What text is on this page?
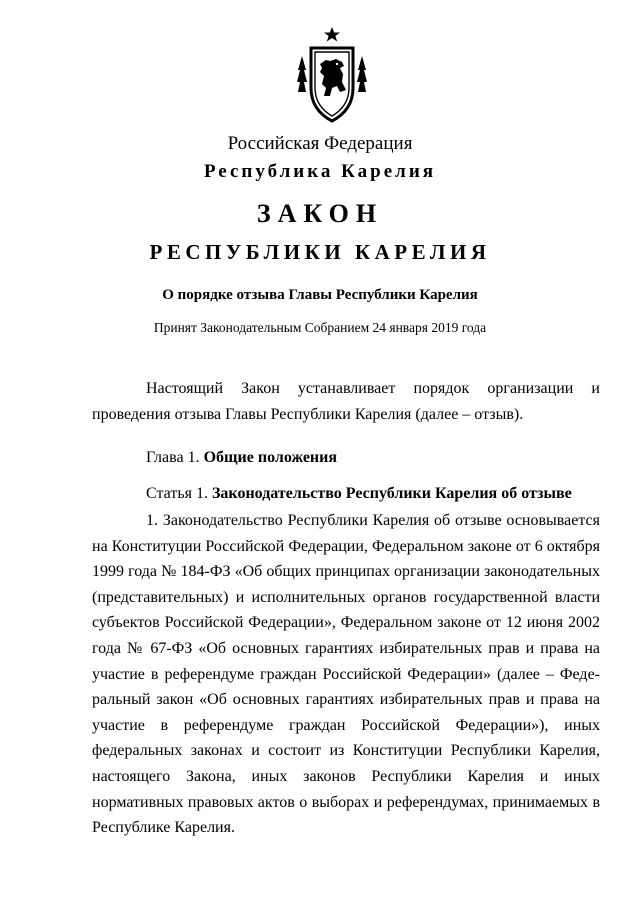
Российская Федерация
Республика Карелия
ЗАКОН
РЕСПУБЛИКИ КАРЕЛИЯ
О порядке отзыва Главы Республики Карелия
Принят Законодательным Собранием 24 января 2019 года
Настоящий Закон устанавливает порядок организации и проведения отзыва Главы Республики Карелия (далее – отзыв).
Глава 1. Общие положения
Статья 1. Законодательство Республики Карелия об отзыве
1. Законодательство Республики Карелия об отзыве основывается на Конституции Российской Федерации, Федеральном законе от 6 октября 1999 года № 184-ФЗ «Об общих принципах организации законодательных (представительных) и исполнительных органов государственной власти субъектов Российской Федерации», Федеральном законе от 12 июня 2002 года № 67-ФЗ «Об основных гарантиях избирательных прав и права на участие в референдуме граждан Российской Федерации» (далее – Федеральный закон «Об основных гарантиях избирательных прав и права на участие в референдуме граждан Российской Федерации»), иных федеральных законах и состоит из Конституции Республики Карелия, настоящего Закона, иных законов Республики Карелия и иных нормативных правовых актов о выборах и референдумах, принимаемых в Республике Карелия.
